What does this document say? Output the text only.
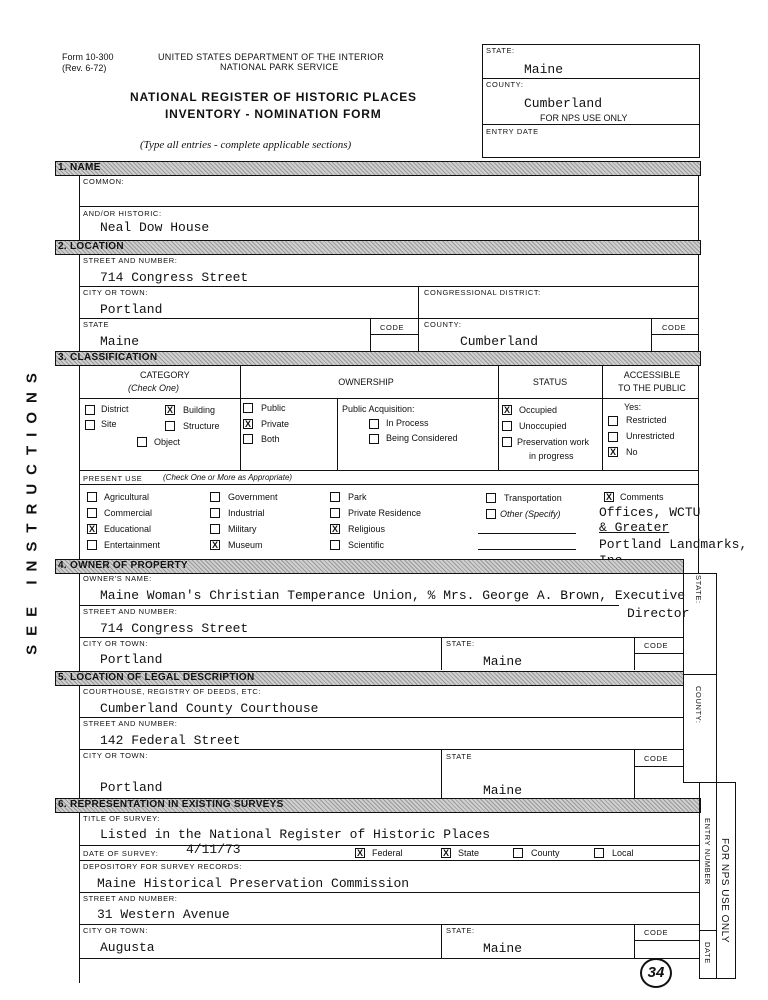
Form 10-300
(Rev. 6-72)
UNITED STATES DEPARTMENT OF THE INTERIOR
NATIONAL PARK SERVICE
NATIONAL REGISTER OF HISTORIC PLACES
INVENTORY - NOMINATION FORM
(Type all entries - complete applicable sections)
STATE:
Maine
COUNTY:
Cumberland
FOR NPS USE ONLY
ENTRY DATE
SEE INSTRUCTIONS
1. NAME
COMMON:
AND/OR HISTORIC:
Neal Dow House
2. LOCATION
STREET AND NUMBER:
714 Congress Street
CITY OR TOWN:
Portland
CONGRESSIONAL DISTRICT:
STATE
Maine
CODE	COUNTY:
Cumberland
CODE
3. CLASSIFICATION
CATEGORY
(Check One)
OWNERSHIP	STATUS
ACCESSIBLE
TO THE PUBLIC
District	X Building
Site	Structure
Object
Public
X Private
Both
Public Acquisition:
In Process
Being Considered
X Occupied
Unoccupied
Preservation work
in progress
Yes:
Restricted
Unrestricted
X No
PRESENT USE	(Check One or More as Appropriate)
Agricultural
Commercial
X Educational
Entertainment
Government
Industrial
Military
X Museum
Park
Private Residence
X Religious
Scientific
Transportation
Other (Specify)
X Comments
Offices, WCTU
& Greater
Portland Landmarks,
4. OWNER OF PROPERTY
OWNER'S NAME:
Maine Woman's Christian Temperance Union, % Mrs. George A. Brown, Executive
Director
STREET AND NUMBER:
714 Congress Street
CITY OR TOWN:
Portland
STATE:
Maine
CODE
STATE:
COUNTY:
5. LOCATION OF LEGAL DESCRIPTION
COURTHOUSE, REGISTRY OF DEEDS, ETC:
Cumberland County Courthouse
STREET AND NUMBER:
142 Federal Street
CITY OR TOWN:
Portland
STATE
Maine
CODE
6. REPRESENTATION IN EXISTING SURVEYS
TITLE OF SURVEY:
Listed in the National Register of Historic Places
DATE OF SURVEY: 4/11/73	X Federal	X State	County	Local
DEPOSITORY FOR SURVEY RECORDS:
Maine Historical Preservation Commission
STREET AND NUMBER:
31 Western Avenue
CITY OR TOWN:
Augusta
STATE:
Maine
CODE
ENTRY NUMBER
DATE
FOR NPS USE ONLY
34
